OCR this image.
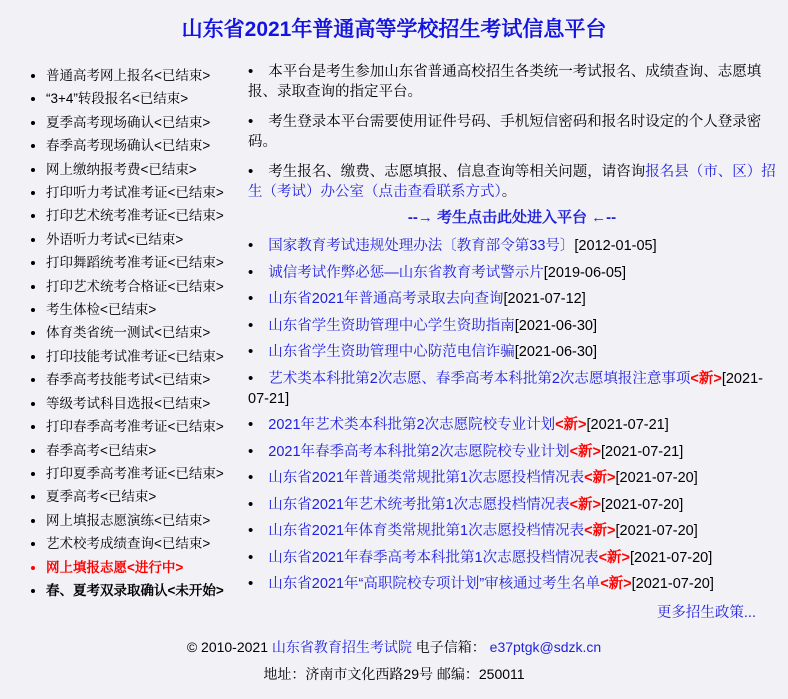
山东省2021年普通高等学校招生考试信息平台
• 普通高考网上报名<已结束>
• “3+4”转段报名<已结束>
• 夏季高考现场确认<已结束>
• 春季高考现场确认<已结束>
• 网上缴纳报考费<已结束>
• 打印听力考试准考证<已结束>
• 打印艺术统考准考证<已结束>
• 外语听力考试<已结束>
• 打印舞蹈统考准考证<已结束>
• 打印艺术统考合格证<已结束>
• 考生体检<已结束>
• 体育类省统一测试<已结束>
• 打印技能考试准考证<已结束>
• 春季高考技能考试<已结束>
• 等级考试科目选报<已结束>
• 打印春季高考准考证<已结束>
• 春季高考<已结束>
• 打印夏季高考准考证<已结束>
• 夏季高考<已结束>
• 网上填报志愿演练<已结束>
• 艺术校考成绩查询<已结束>
• 网上填报志愿<进行中>
• 春、夏考双录取确认<未开始>
• 本平台是考生参加山东省普通高校招生各类统一考试报名、成绩查询、志愿填报、录取查询的指定平台。
• 考生登录本平台需要使用证件号码、手机短信密码和报名时设定的个人登录密码。
• 考生报名、缴费、志愿填报、信息查询等相关问题，请咨询报名县（市、区）招生（考试）办公室（点击查看联系方式）。
--→ 考生点击此处进入平台 ←--
• 国家教育考试违规处理办法〔教育部令第33号〕[2012-01-05]
• 诚信考试作弊必惩—山东省教育考试警示片[2019-06-05]
• 山东省2021年普通高考录取去向查询[2021-07-12]
• 山东省学生资助管理中心学生资助指南[2021-06-30]
• 山东省学生资助管理中心防范电信诈骗[2021-06-30]
• 艺术类本科批第2次志愿、春季高考本科批第2次志愿填报注意事项<新>[2021-07-21]
• 2021年艺术类本科批第2次志愿院校专业计划<新>[2021-07-21]
• 2021年春季高考本科批第2次志愿院校专业计划<新>[2021-07-21]
• 山东省2021年普通类常规批第1次志愿投档情况表<新>[2021-07-20]
• 山东省2021年艺术统考批第1次志愿投档情况表<新>[2021-07-20]
• 山东省2021年体育类常规批第1次志愿投档情况表<新>[2021-07-20]
• 山东省2021年春季高考本科批第1次志愿投档情况表<新>[2021-07-20]
• 山东省2021年“高职院校专项计划”审核通过考生名单<新>[2021-07-20]
更多招生政策...
© 2010-2021 山东省教育招生考试院 电子信箱： e37ptgk@sdzk.cn
地址：济南市文化西路29号 邮编：250011
